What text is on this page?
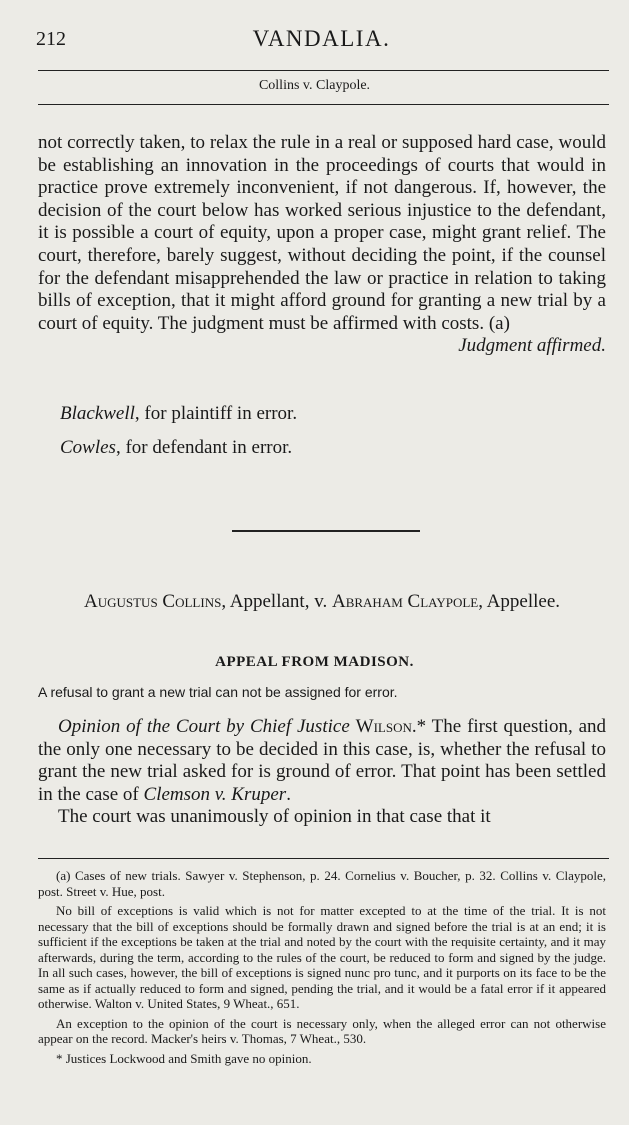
212	VANDALIA.
Collins v. Claypole.

not correctly taken, to relax the rule in a real or supposed hard case, would be establishing an innovation in the proceedings of courts that would in practice prove extremely inconvenient, if not dangerous. If, however, the decision of the court below has worked serious injustice to the defendant, it is possible a court of equity, upon a proper case, might grant relief. The court, therefore, barely suggest, without deciding the point, if the counsel for the defendant misapprehended the law or practice in relation to taking bills of exception, that it might afford ground for granting a new trial by a court of equity. The judgment must be affirmed with costs. (a)

Judgment affirmed.

Blackwell, for plaintiff in error.
Cowles, for defendant in error.
Augustus Collins, Appellant, v. Abraham Claypole, Appellee.
APPEAL FROM MADISON.
A refusal to grant a new trial can not be assigned for error.

Opinion of the Court by Chief Justice Wilson.* The first question, and the only one necessary to be decided in this case, is, whether the refusal to grant the new trial asked for is ground of error. That point has been settled in the case of Clemson v. Kruper.

The court was unanimously of opinion in that case that it

(a) Cases of new trials. Sawyer v. Stephenson, p. 24. Cornelius v. Boucher, p. 32. Collins v. Claypole, post. Street v. Hue, post.

No bill of exceptions is valid which is not for matter excepted to at the time of the trial. It is not necessary that the bill of exceptions should be formally drawn and signed before the trial is at an end; it is sufficient if the exceptions be taken at the trial and noted by the court with the requisite certainty, and it may afterwards, during the term, according to the rules of the court, be reduced to form and signed by the judge. In all such cases, however, the bill of exceptions is signed nunc pro tunc, and it purports on its face to be the same as if actually reduced to form and signed, pending the trial, and it would be a fatal error if it appeared otherwise. Walton v. United States, 9 Wheat., 651.

An exception to the opinion of the court is necessary only, when the alleged error can not otherwise appear on the record. Macker's heirs v. Thomas, 7 Wheat., 530.

* Justices Lockwood and Smith gave no opinion.
